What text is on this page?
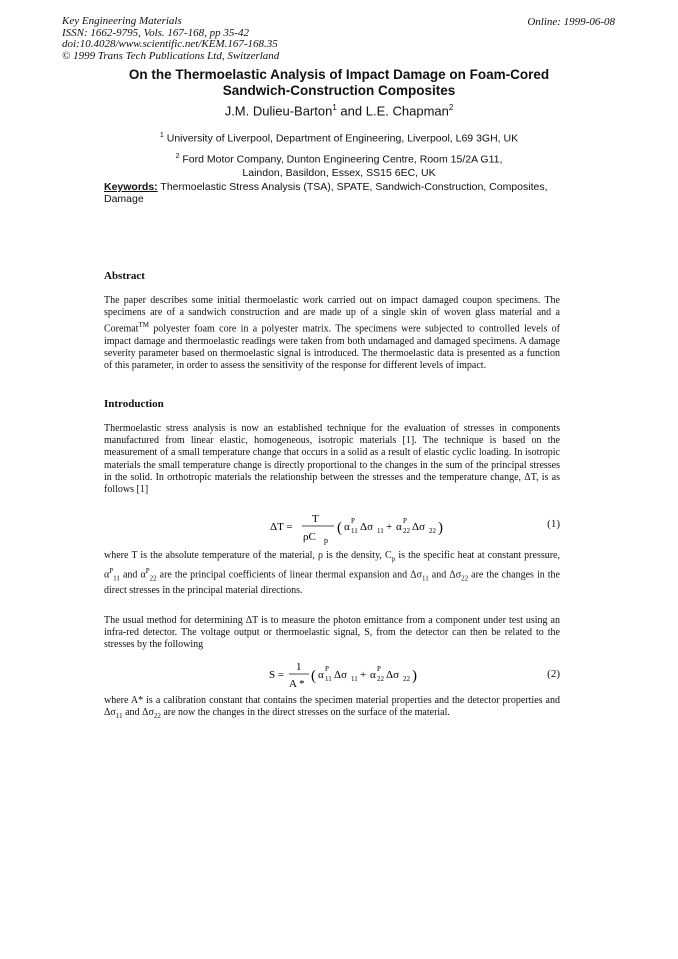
Key Engineering Materials
ISSN: 1662-9795, Vols. 167-168, pp 35-42
doi:10.4028/www.scientific.net/KEM.167-168.35
© 1999 Trans Tech Publications Ltd, Switzerland
Online: 1999-06-08
On the Thermoelastic Analysis of Impact Damage on Foam-Cored
Sandwich-Construction Composites
J.M. Dulieu-Barton$^1$ and L.E. Chapman$^2$
$^1$ University of Liverpool, Department of Engineering, Liverpool, L69 3GH, UK
$^2$ Ford Motor Company, Dunton Engineering Centre, Room 15/2A G11,
Laindon, Basildon, Essex, SS15 6EC, UK
Keywords: Thermoelastic Stress Analysis (TSA), SPATE, Sandwich-Construction, Composites, Damage
Abstract
The paper describes some initial thermoelastic work carried out on impact damaged coupon specimens. The specimens are of a sandwich construction and are made up of a single skin of woven glass material and a Coremat™ polyester foam core in a polyester matrix. The specimens were subjected to controlled levels of impact damage and thermoelastic readings were taken from both undamaged and damaged specimens. A damage severity parameter based on thermoelastic signal is introduced. The thermoelastic data is presented as a function of this parameter, in order to assess the sensitivity of the response for different levels of impact.
Introduction
Thermoelastic stress analysis is now an established technique for the evaluation of stresses in components manufactured from linear elastic, homogeneous, isotropic materials [1]. The technique is based on the measurement of a small temperature change that occurs in a solid as a result of elastic cyclic loading. In isotropic materials the small temperature change is directly proportional to the changes in the sum of the principal stresses in the solid. In orthotropic materials the relationship between the stresses and the temperature change, ΔT, is as follows [1]
ΔT =
T
ρC p
( α P
11 Δσ 11 + α P
22 Δσ 22 )	(1)
where T is the absolute temperature of the material, ρ is the density, $C_p$ is the specific heat at constant pressure, $\alpha^P_{11}$ and $\alpha^P_{22}$ are the principal coefficients of linear thermal expansion and $\Delta\sigma_{11}$ and $\Delta\sigma_{22}$ are the changes in the direct stresses in the principal material directions.
The usual method for determining ΔT is to measure the photon emittance from a component under test using an infra-red detector. The voltage output or thermoelastic signal, S, from the detector can then be related to the stresses by the following
S =
1
A * ( α P
11 Δσ 11 + α P
22 Δσ 22 )	(2)
where A* is a calibration constant that contains the specimen material properties and the detector properties and $\Delta\sigma_{11}$ and $\Delta\sigma_{22}$ are now the changes in the direct stresses on the surface of the material.
